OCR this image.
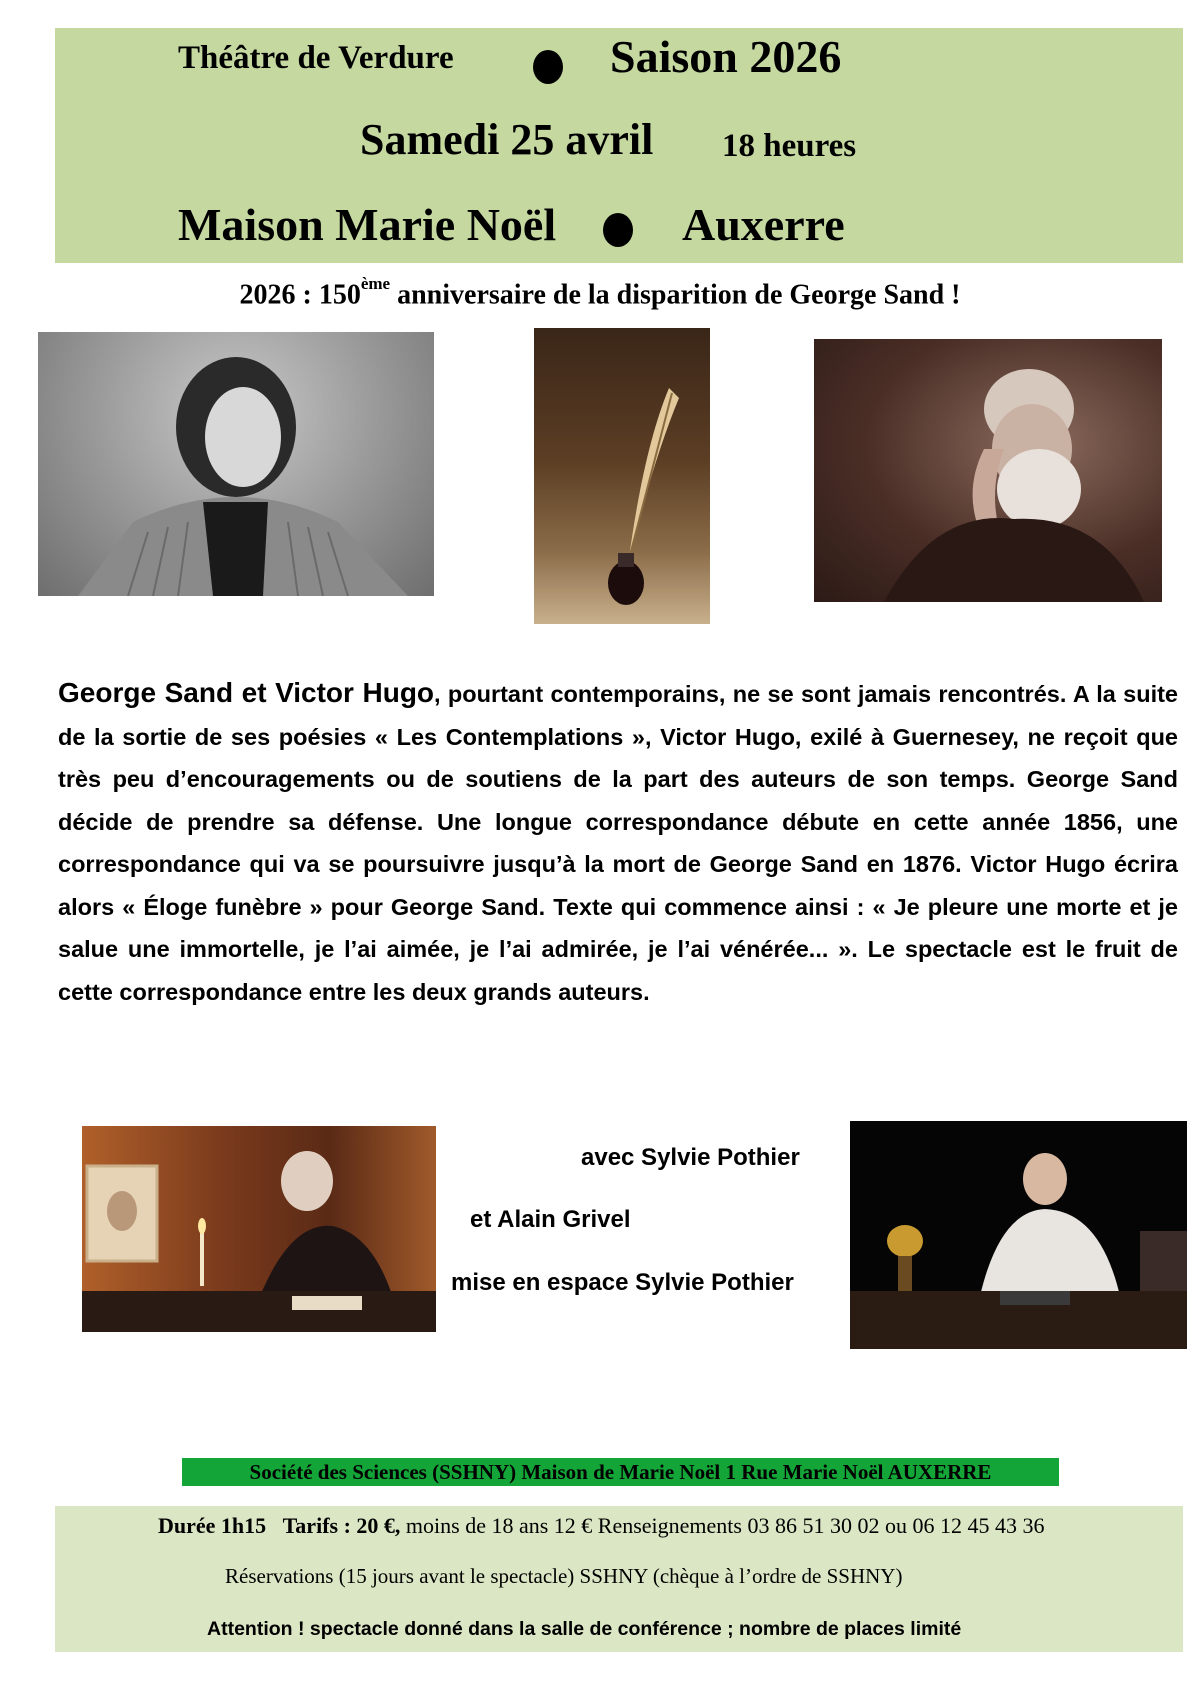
Théâtre de Verdure	Saison 2026
Samedi 25 avril 18 heures
Maison Marie Noël	Auxerre
2026 : 150ème anniversaire de la disparition de George Sand !
George Sand et Victor Hugo, pourtant contemporains, ne se sont jamais rencontrés. A la suite de la sortie de ses poésies « Les Contemplations », Victor Hugo, exilé à Guernesey, ne reçoit que très peu d’encouragements ou de soutiens de la part des auteurs de son temps. George Sand décide de prendre sa défense. Une longue correspondance débute en cette année 1856, une correspondance qui va se poursuivre jusqu’à la mort de George Sand en 1876. Victor Hugo écrira alors « Éloge funèbre » pour George Sand. Texte qui commence ainsi : « Je pleure une morte et je salue une immortelle, je l’ai aimée, je l’ai admirée, je l’ai vénérée... ». Le spectacle est le fruit de cette correspondance entre les deux grands auteurs.
avec Sylvie Pothier
et Alain Grivel
mise en espace Sylvie Pothier
Société des Sciences (SSHNY) Maison de Marie Noël 1 Rue Marie Noël AUXERRE
Durée 1h15 Tarifs : 20 €, moins de 18 ans 12 € Renseignements 03 86 51 30 02 ou 06 12 45 43 36
Réservations (15 jours avant le spectacle) SSHNY (chèque à l’ordre de SSHNY)
Attention ! spectacle donné dans la salle de conférence ; nombre de places limité
